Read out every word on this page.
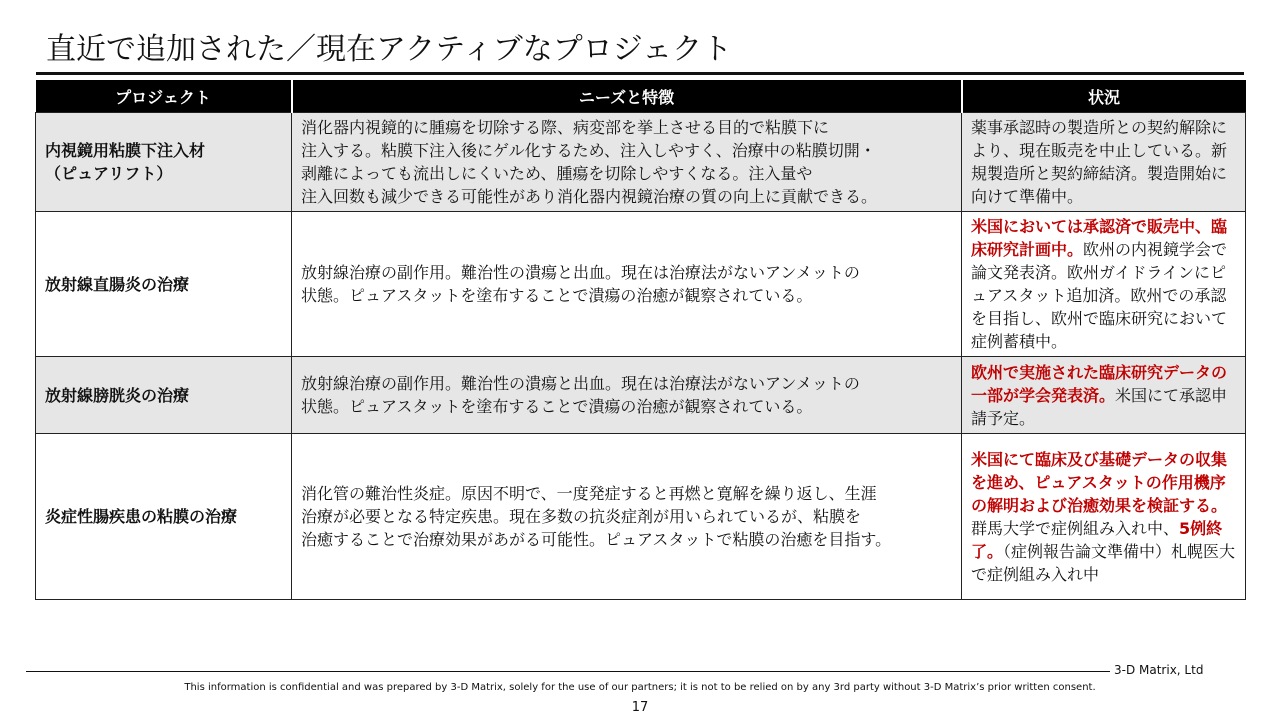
直近で追加された／現在アクティブなプロジェクト
プロジェクト	ニーズと特徴	状況
内視鏡用粘膜下注入材
（ピュアリフト）	消化器内視鏡的に腫瘍を切除する際、病変部を挙上させる目的で粘膜下に
注入する。粘膜下注入後にゲル化するため、注入しやすく、治療中の粘膜切開・
剥離によっても流出しにくいため、腫瘍を切除しやすくなる。注入量や
注入回数も減少できる可能性があり消化器内視鏡治療の質の向上に貢献できる。	薬事承認時の製造所との契約解除により、現在販売を中止している。新規製造所と契約締結済。製造開始に向けて準備中。
放射線直腸炎の治療	放射線治療の副作用。難治性の潰瘍と出血。現在は治療法がないアンメットの
状態。ピュアスタットを塗布することで潰瘍の治癒が観察されている。	米国においては承認済で販売中、臨床研究計画中。欧州の内視鏡学会で論文発表済。欧州ガイドラインにピュアスタット追加済。欧州での承認を目指し、欧州で臨床研究において症例蓄積中。
放射線膀胱炎の治療	放射線治療の副作用。難治性の潰瘍と出血。現在は治療法がないアンメットの
状態。ピュアスタットを塗布することで潰瘍の治癒が観察されている。	欧州で実施された臨床研究データの一部が学会発表済。米国にて承認申請予定。
炎症性腸疾患の粘膜の治療	消化管の難治性炎症。原因不明で、一度発症すると再燃と寛解を繰り返し、生涯
治療が必要となる特定疾患。現在多数の抗炎症剤が用いられているが、粘膜を
治癒することで治療効果があがる可能性。ピュアスタットで粘膜の治癒を目指す。	米国にて臨床及び基礎データの収集を進め、ピュアスタットの作用機序の解明および治癒効果を検証する。群馬大学で症例組み入れ中、5例終了。（症例報告論文準備中）札幌医大で症例組み入れ中
3-D Matrix, Ltd
This information is confidential and was prepared by 3-D Matrix, solely for the use of our partners; it is not to be relied on by any 3rd party without 3-D Matrix’s prior written consent.
17
